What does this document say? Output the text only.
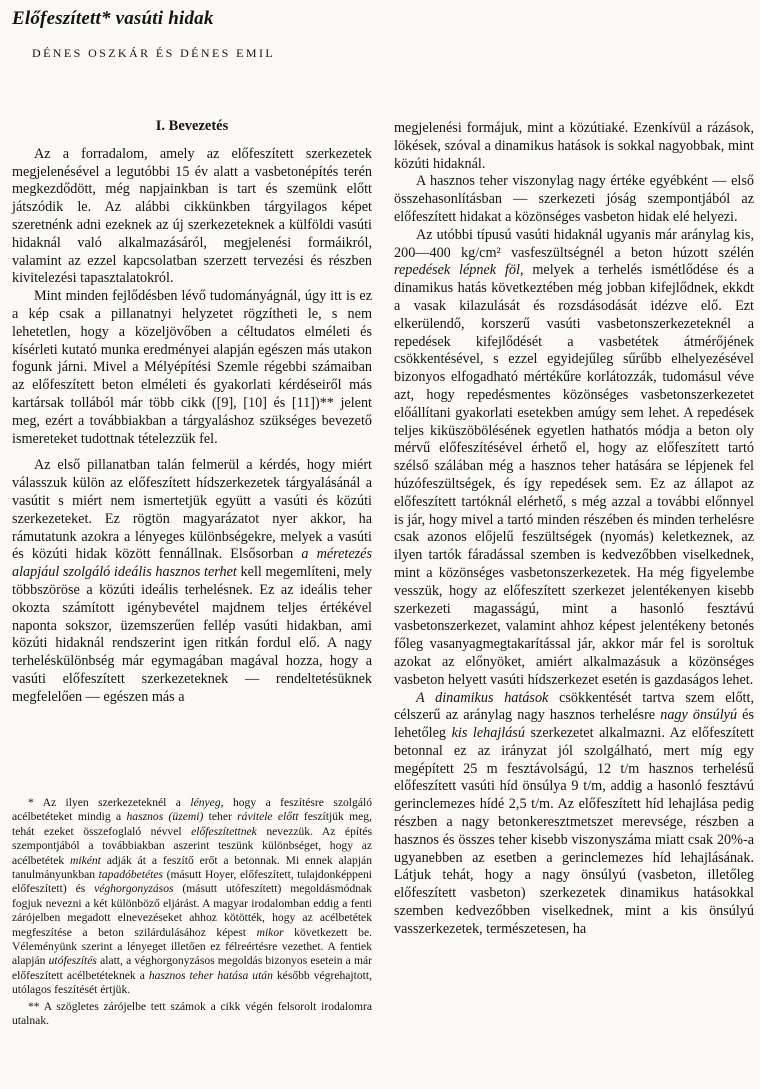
Előfeszített* vasúti hidak
DÉNES OSZKÁR ÉS DÉNES EMIL
I. Bevezetés

Az a forradalom, amely az előfeszített szerkezetek megjelenésével a legutóbbi 15 év alatt a vasbetonépítés terén megkezdődött, még napjainkban is tart és szemünk előtt játszódik le. Az alábbi cikkünkben tárgyilagos képet szeretnénk adni ezeknek az új szerkezeteknek a külföldi vasúti hidaknál való alkalmazásáról, megjelenési formáikról, valamint az ezzel kapcsolatban szerzett tervezési és részben kivitelezési tapasztalatokról.

Mint minden fejlődésben lévő tudományágnál, úgy itt is ez a kép csak a pillanatnyi helyzetet rögzítheti le, s nem lehetetlen, hogy a közeljövőben a céltudatos elméleti és kísérleti kutató munka eredményei alapján egészen más utakon fogunk járni. Mivel a Mélyépítési Szemle régebbi számaiban az előfeszített beton elméleti és gyakorlati kérdéseiről más kartársak tollából már több cikk ([9], [10] és [11])** jelent meg, ezért a továbbiakban a tárgyaláshoz szükséges bevezető ismereteket tudottnak tételezzük fel.

Az első pillanatban talán felmerül a kérdés, hogy miért válasszuk külön az előfeszített hídszerkezetek tárgyalásánál a vasútit s miért nem ismertetjük együtt a vasúti és közúti szerkezeteket. Ez rögtön magyarázatot nyer akkor, ha rámutatunk azokra a lényeges különbségekre, melyek a vasúti és közúti hidak között fennállnak. Elsősorban a méretezés alapjául szolgáló ideális hasznos terhet kell megemlíteni, mely többszöröse a közúti ideális terhelésnek. Ez az ideális teher okozta számított igénybevétel majdnem teljes értékével naponta sokszor, üzemszerűen fellép vasúti hidakban, ami közúti hidaknál rendszerint igen ritkán fordul elő. A nagy terheléskülönbség már egymagában magával hozza, hogy a vasúti előfeszített szerkezeteknek — rendeltetésüknek megfelelően — egészen más a

* Az ilyen szerkezeteknél a lényeg, hogy a feszítésre szolgáló acélbetéteket mindig a hasznos (üzemi) teher rávitele előtt feszítjük meg, tehát ezeket összefoglaló névvel előfeszítettnek nevezzük. Az építés szempontjából a továbbiakban aszerint teszünk különbséget, hogy az acélbetétek miként adják át a feszítő erőt a betonnak. Mi ennek alapján tanulmányunkban tapadóbetétes (másutt Hoyer, előfeszített, tulajdonképpeni előfeszített) és véghorgonyzásos (másutt utófeszített) megoldásmódnak fogjuk nevezni a két különböző eljárást. A magyar irodalomban eddig a fenti zárójelben megadott elnevezéseket ahhoz kötötték, hogy az acélbetétek megfeszítése a beton szilárdulásához képest mikor következett be. Véleményünk szerint a lényeget illetően ez félreértésre vezethet. A fentiek alapján utófeszítés alatt, a véghorgonyzásos megoldás bizonyos esetein a már előfeszített acélbetéteknek a hasznos teher hatása után később végrehajtott, utólagos feszítését értjük.

** A szögletes zárójelbe tett számok a cikk végén felsorolt irodalomra utalnak.

megjelenési formájuk, mint a közútiaké. Ezenkívül a rázások, lökések, szóval a dinamikus hatások is sokkal nagyobbak, mint közúti hidaknál.

A hasznos teher viszonylag nagy értéke egyébként — első összehasonlításban — szerkezeti jóság szempontjából az előfeszített hidakat a közönséges vasbeton hidak elé helyezi.

Az utóbbi típusú vasúti hidaknál ugyanis már aránylag kis, 200—400 kg/cm² vasfeszültségnél a beton húzott szélén repedések lépnek föl, melyek a terhelés ismétlődése és a dinamikus hatás következtében még jobban kifejlődnek, ekkdt a vasak kilazulását és rozsdásodását idézve elő. Ezt elkerülendő, korszerű vasúti vasbetonszerkezeteknél a repedések kifejlődését a vasbetétek átmérőjének csökkentésével, s ezzel egyidejűleg sűrűbb elhelyezésével bizonyos elfogadható mértékűre korlátozzák, tudomásul véve azt, hogy repedésmentes közönséges vasbetonszerkezetet előállítani gyakorlati esetekben amúgy sem lehet. A repedések teljes kiküszöbölésének egyetlen hathatós módja a beton oly mérvű előfeszítésével érhető el, hogy az előfeszített tartó szélső szálában még a hasznos teher hatására se lépjenek fel húzófeszültségek, és így repedések sem. Ez az állapot az előfeszített tartóknál elérhető, s még azzal a további előnnyel is jár, hogy mivel a tartó minden részében és minden terhelésre csak azonos előjelű feszültségek (nyomás) keletkeznek, az ilyen tartók fáradással szemben is kedvezőbben viselkednek, mint a közönséges vasbetonszerkezetek. Ha még figyelembe vesszük, hogy az előfeszített szerkezet jelentékenyen kisebb szerkezeti magasságú, mint a hasonló fesztávú vasbetonszerkezet, valamint ahhoz képest jelentékeny betonés főleg vasanyagmegtakarítással jár, akkor már fel is soroltuk azokat az előnyöket, amiért alkalmazásuk a közönséges vasbeton helyett vasúti hídszerkezet esetén is gazdaságos lehet.

A dinamikus hatások csökkentését tartva szem előtt, célszerű az aránylag nagy hasznos terhelésre nagy önsúlyú és lehetőleg kis lehajlású szerkezetet alkalmazni. Az előfeszített betonnal ez az irányzat jól szolgálható, mert míg egy megépített 25 m fesztávolságú, 12 t/m hasznos terhelésű előfeszített vasúti híd önsúlya 9 t/m, addig a hasonló fesztávú gerinclemezes hídé 2,5 t/m. Az előfeszített híd lehajlása pedig részben a nagy betonkeresztmetszet merevsége, részben a hasznos és összes teher kisebb viszonyszáma miatt csak 20%-a ugyanebben az esetben a gerinclemezes híd lehajlásának. Látjuk tehát, hogy a nagy önsúlyú (vasbeton, illetőleg előfeszített vasbeton) szerkezetek dinamikus hatásokkal szemben kedvezőbben viselkednek, mint a kis önsúlyú vasszerkezetek, természetesen, ha
